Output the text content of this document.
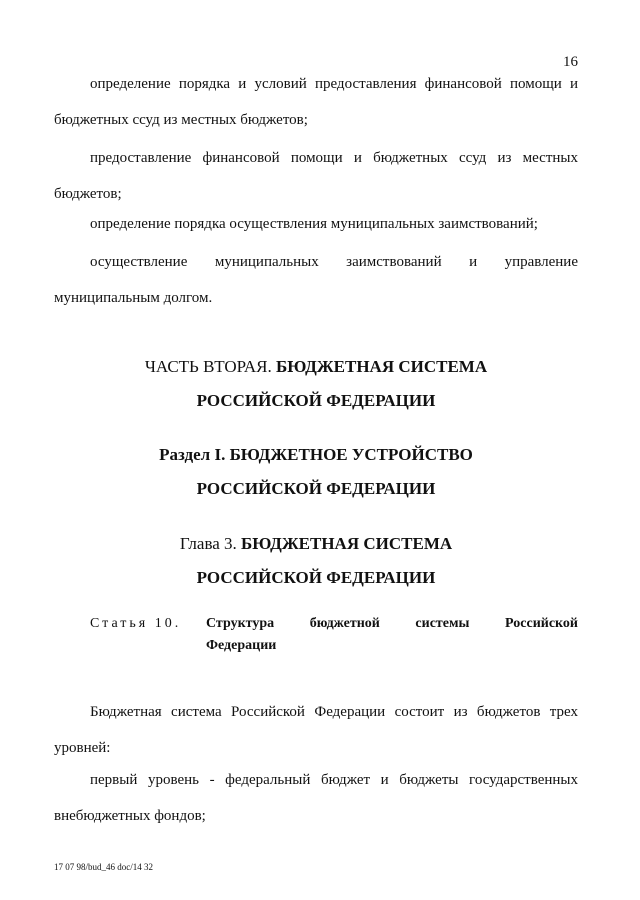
16
определение порядка и условий предоставления финансовой помощи и
бюджетных ссуд из местных бюджетов;
предоставление финансовой помощи и бюджетных ссуд из местных
бюджетов;
определение порядка осуществления муниципальных заимствований;
осуществление муниципальных заимствований и управление
муниципальным долгом.
ЧАСТЬ ВТОРАЯ. БЮДЖЕТНАЯ СИСТЕМА
РОССИЙСКОЙ ФЕДЕРАЦИИ
Раздел I. БЮДЖЕТНОЕ УСТРОЙСТВО
РОССИЙСКОЙ ФЕДЕРАЦИИ
Глава 3. БЮДЖЕТНАЯ СИСТЕМА
РОССИЙСКОЙ ФЕДЕРАЦИИ
Статья 10. Структура бюджетной системы Российской
Федерации
Бюджетная система Российской Федерации состоит из бюджетов трех
уровней:
первый уровень - федеральный бюджет и бюджеты государственных
внебюджетных фондов;
17 07 98/bud_46 doc/14 32
